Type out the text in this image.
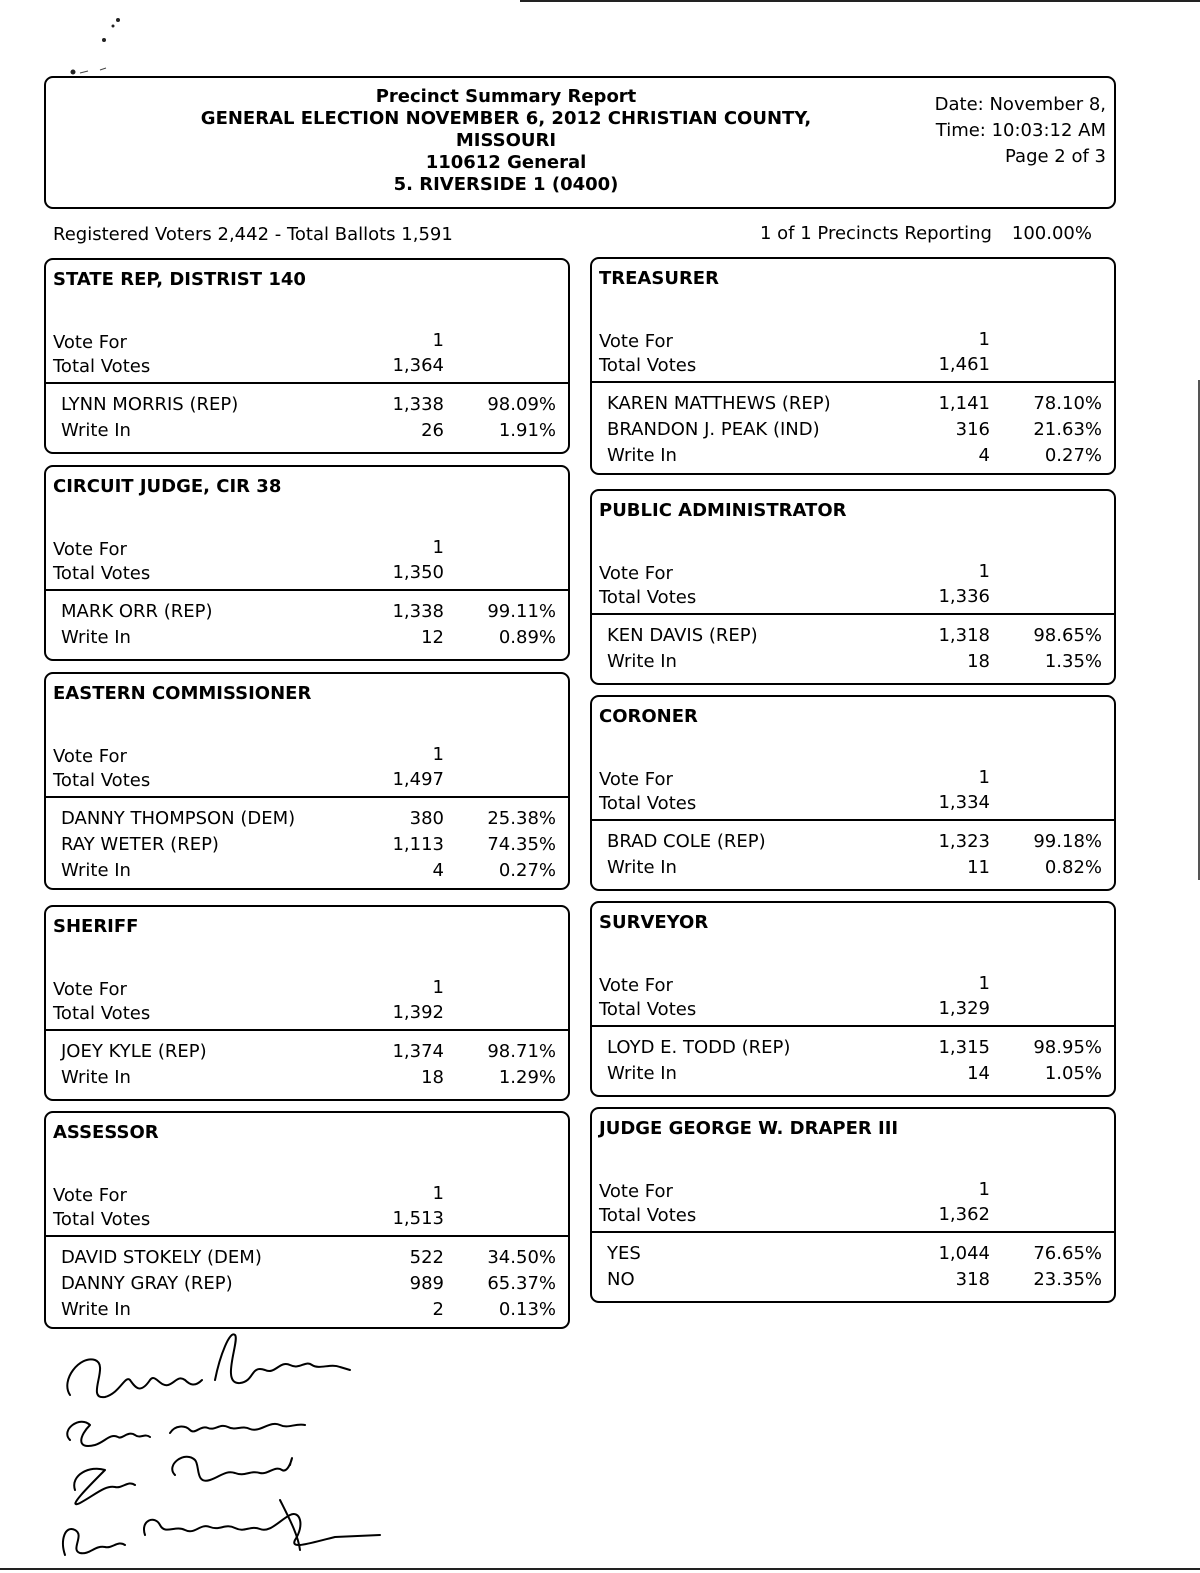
Precinct Summary Report
GENERAL ELECTION NOVEMBER 6, 2012 CHRISTIAN COUNTY,
MISSOURI
110612 General
5. RIVERSIDE 1 (0400)
Date: November 8,
Time: 10:03:12 AM
Page 2 of 3
Registered Voters 2,442 - Total Ballots 1,591	1 of 1 Precincts Reporting 100.00%
STATE REP, DISTRIST 140
Vote For	1
Total Votes	1,364
LYNN MORRIS (REP)	1,338	98.09%
Write In	26	1.91%
CIRCUIT JUDGE, CIR 38
Vote For	1
Total Votes	1,350
MARK ORR (REP)	1,338	99.11%
Write In	12	0.89%
EASTERN COMMISSIONER
Vote For	1
Total Votes	1,497
DANNY THOMPSON (DEM)	380	25.38%
RAY WETER (REP)	1,113	74.35%
Write In	4	0.27%
SHERIFF
Vote For	1
Total Votes	1,392
JOEY KYLE (REP)	1,374	98.71%
Write In	18	1.29%
ASSESSOR
Vote For	1
Total Votes	1,513
DAVID STOKELY (DEM)	522	34.50%
DANNY GRAY (REP)	989	65.37%
Write In	2	0.13%
TREASURER
Vote For	1
Total Votes	1,461
KAREN MATTHEWS (REP)	1,141	78.10%
BRANDON J. PEAK (IND)	316	21.63%
Write In	4	0.27%
PUBLIC ADMINISTRATOR
Vote For	1
Total Votes	1,336
KEN DAVIS (REP)	1,318	98.65%
Write In	18	1.35%
CORONER
Vote For	1
Total Votes	1,334
BRAD COLE (REP)	1,323	99.18%
Write In	11	0.82%
SURVEYOR
Vote For	1
Total Votes	1,329
LOYD E. TODD (REP)	1,315	98.95%
Write In	14	1.05%
JUDGE GEORGE W. DRAPER III
Vote For	1
Total Votes	1,362
YES	1,044	76.65%
NO	318	23.35%
